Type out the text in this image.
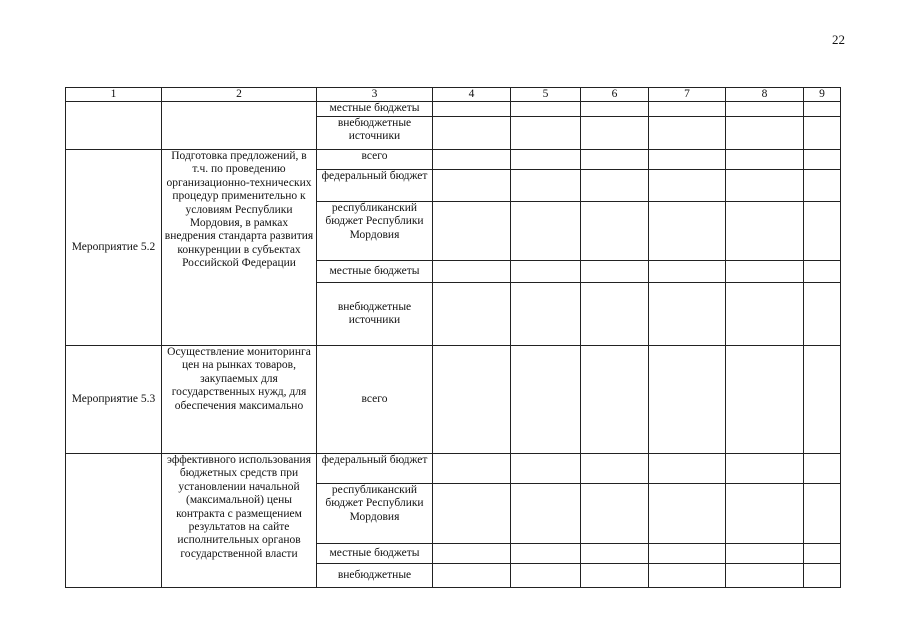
22
1	2	3	4	5	6	7	8	9
		местные бюджеты						
		внебюджетные источники						
Мероприятие 5.2	Подготовка предложений, в т.ч. по проведению организационно-технических процедур применительно к условиям Республики Мордовия, в рамках внедрения стандарта развития конкуренции в субъектах Российской Федерации	всего						
		федеральный бюджет						
		республиканский бюджет Республики Мордовия						
		местные бюджеты						
		внебюджетные источники						
Мероприятие 5.3	Осуществление мониторинга цен на рынках товаров, закупаемых для государственных нужд, для обеспечения максимально	всего						
	эффективного использования бюджетных средств при установлении начальной (максимальной) цены контракта с размещением результатов на сайте исполнительных органов государственной власти	федеральный бюджет						
		республиканский бюджет Республики Мордовия						
		местные бюджеты						
		внебюджетные						
